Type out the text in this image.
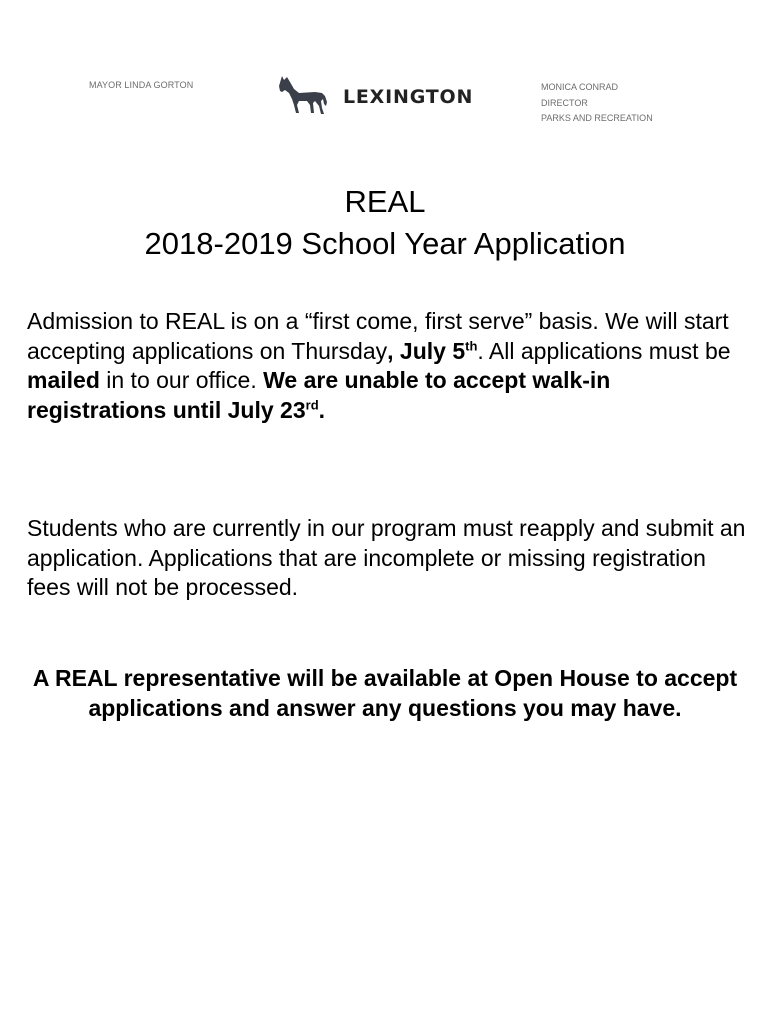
MAYOR LINDA GORTON
LEXINGTON	MONICA CONRAD
DIRECTOR
PARKS AND RECREATION
REAL
2018-2019 School Year Application
Admission to REAL is on a “first come, first serve” basis. We will start accepting applications on Thursday, July 5th. All applications must be mailed in to our office. We are unable to accept walk-in registrations until July 23rd.
Students who are currently in our program must reapply and submit an application. Applications that are incomplete or missing registration fees will not be processed.
A REAL representative will be available at Open House to accept applications and answer any questions you may have.
